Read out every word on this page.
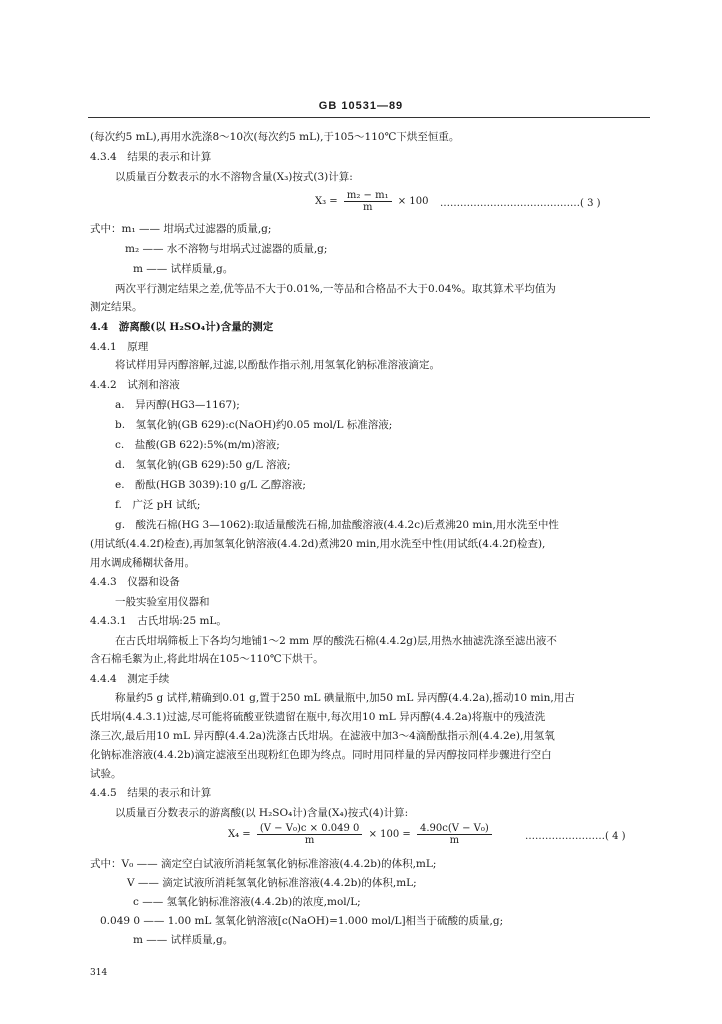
GB 10531—89
(每次约5 mL),再用水洗涤8～10次(每次约5 mL),于105～110℃下烘至恒重。
4.3.4　结果的表示和计算
以质量百分数表示的水不溶物含量(X₃)按式(3)计算:
$X_3 = \frac{\text{m₂ − m₁}}{m} \times 100$ ……………………………………( 3 )
式中：m₁ —— 坩埚式过滤器的质量,g;
m₂ —— 水不溶物与坩埚式过滤器的质量,g;
m —— 试样质量,g。
两次平行测定结果之差,优等品不大于0.01%,一等品和合格品不大于0.04%。取其算术平均值为
测定结果。
4.4　游离酸(以 H₂SO₄计)含量的测定
4.4.1　原理
将试样用异丙醇溶解,过滤,以酚酞作指示剂,用氢氧化钠标准溶液滴定。
4.4.2　试剂和溶液
a.　异丙醇(HG3—1167);
b.　氢氧化钠(GB 629):c(NaOH)约0.05 mol/L 标准溶液;
c.　盐酸(GB 622):5%(m/m)溶液;
d.　氢氧化钠(GB 629):50 g/L 溶液;
e.　酚酞(HGB 3039):10 g/L 乙醇溶液;
f.　广泛 pH 试纸;
g.　酸洗石棉(HG 3—1062):取适量酸洗石棉,加盐酸溶液(4.4.2c)后煮沸20 min,用水洗至中性
(用试纸(4.4.2f)检查),再加氢氧化钠溶液(4.4.2d)煮沸20 min,用水洗至中性(用试纸(4.4.2f)检查),
用水调成稀糊状备用。
4.4.3　仪器和设备
一般实验室用仪器和
4.4.3.1　古氏坩埚:25 mL。
在古氏坩埚筛板上下各均匀地铺1～2 mm 厚的酸洗石棉(4.4.2g)层,用热水抽滤洗涤至滤出液不
含石棉毛絮为止,将此坩埚在105～110℃下烘干。
4.4.4　测定手续
称量约5 g 试样,精确到0.01 g,置于250 mL 碘量瓶中,加50 mL 异丙醇(4.4.2a),摇动10 min,用古
氏坩埚(4.4.3.1)过滤,尽可能将硫酸亚铁遗留在瓶中,每次用10 mL 异丙醇(4.4.2a)将瓶中的残渣洗
涤三次,最后用10 mL 异丙醇(4.4.2a)洗涤古氏坩埚。在滤液中加3～4滴酚酞指示剂(4.4.2e),用氢氧
化钠标准溶液(4.4.2b)滴定滤液至出现粉红色即为终点。同时用同样量的异丙醇按同样步骤进行空白
试验。
4.4.5　结果的表示和计算
以质量百分数表示的游离酸(以 H₂SO₄计)含量(X₄)按式(4)计算:
$X_4 = \frac{\text{(V − V₀)c × 0.049 0}}{m} \times 100 = \frac{\text{4.90c(V − V₀)}}{m}$	……………………( 4 )
式中：V₀ —— 滴定空白试液所消耗氢氧化钠标准溶液(4.4.2b)的体积,mL;
V —— 滴定试液所消耗氢氧化钠标准溶液(4.4.2b)的体积,mL;
c —— 氢氧化钠标准溶液(4.4.2b)的浓度,mol/L;
0.049 0 —— 1.00 mL 氢氧化钠溶液[c(NaOH)=1.000 mol/L]相当于硫酸的质量,g;
m —— 试样质量,g。
314
